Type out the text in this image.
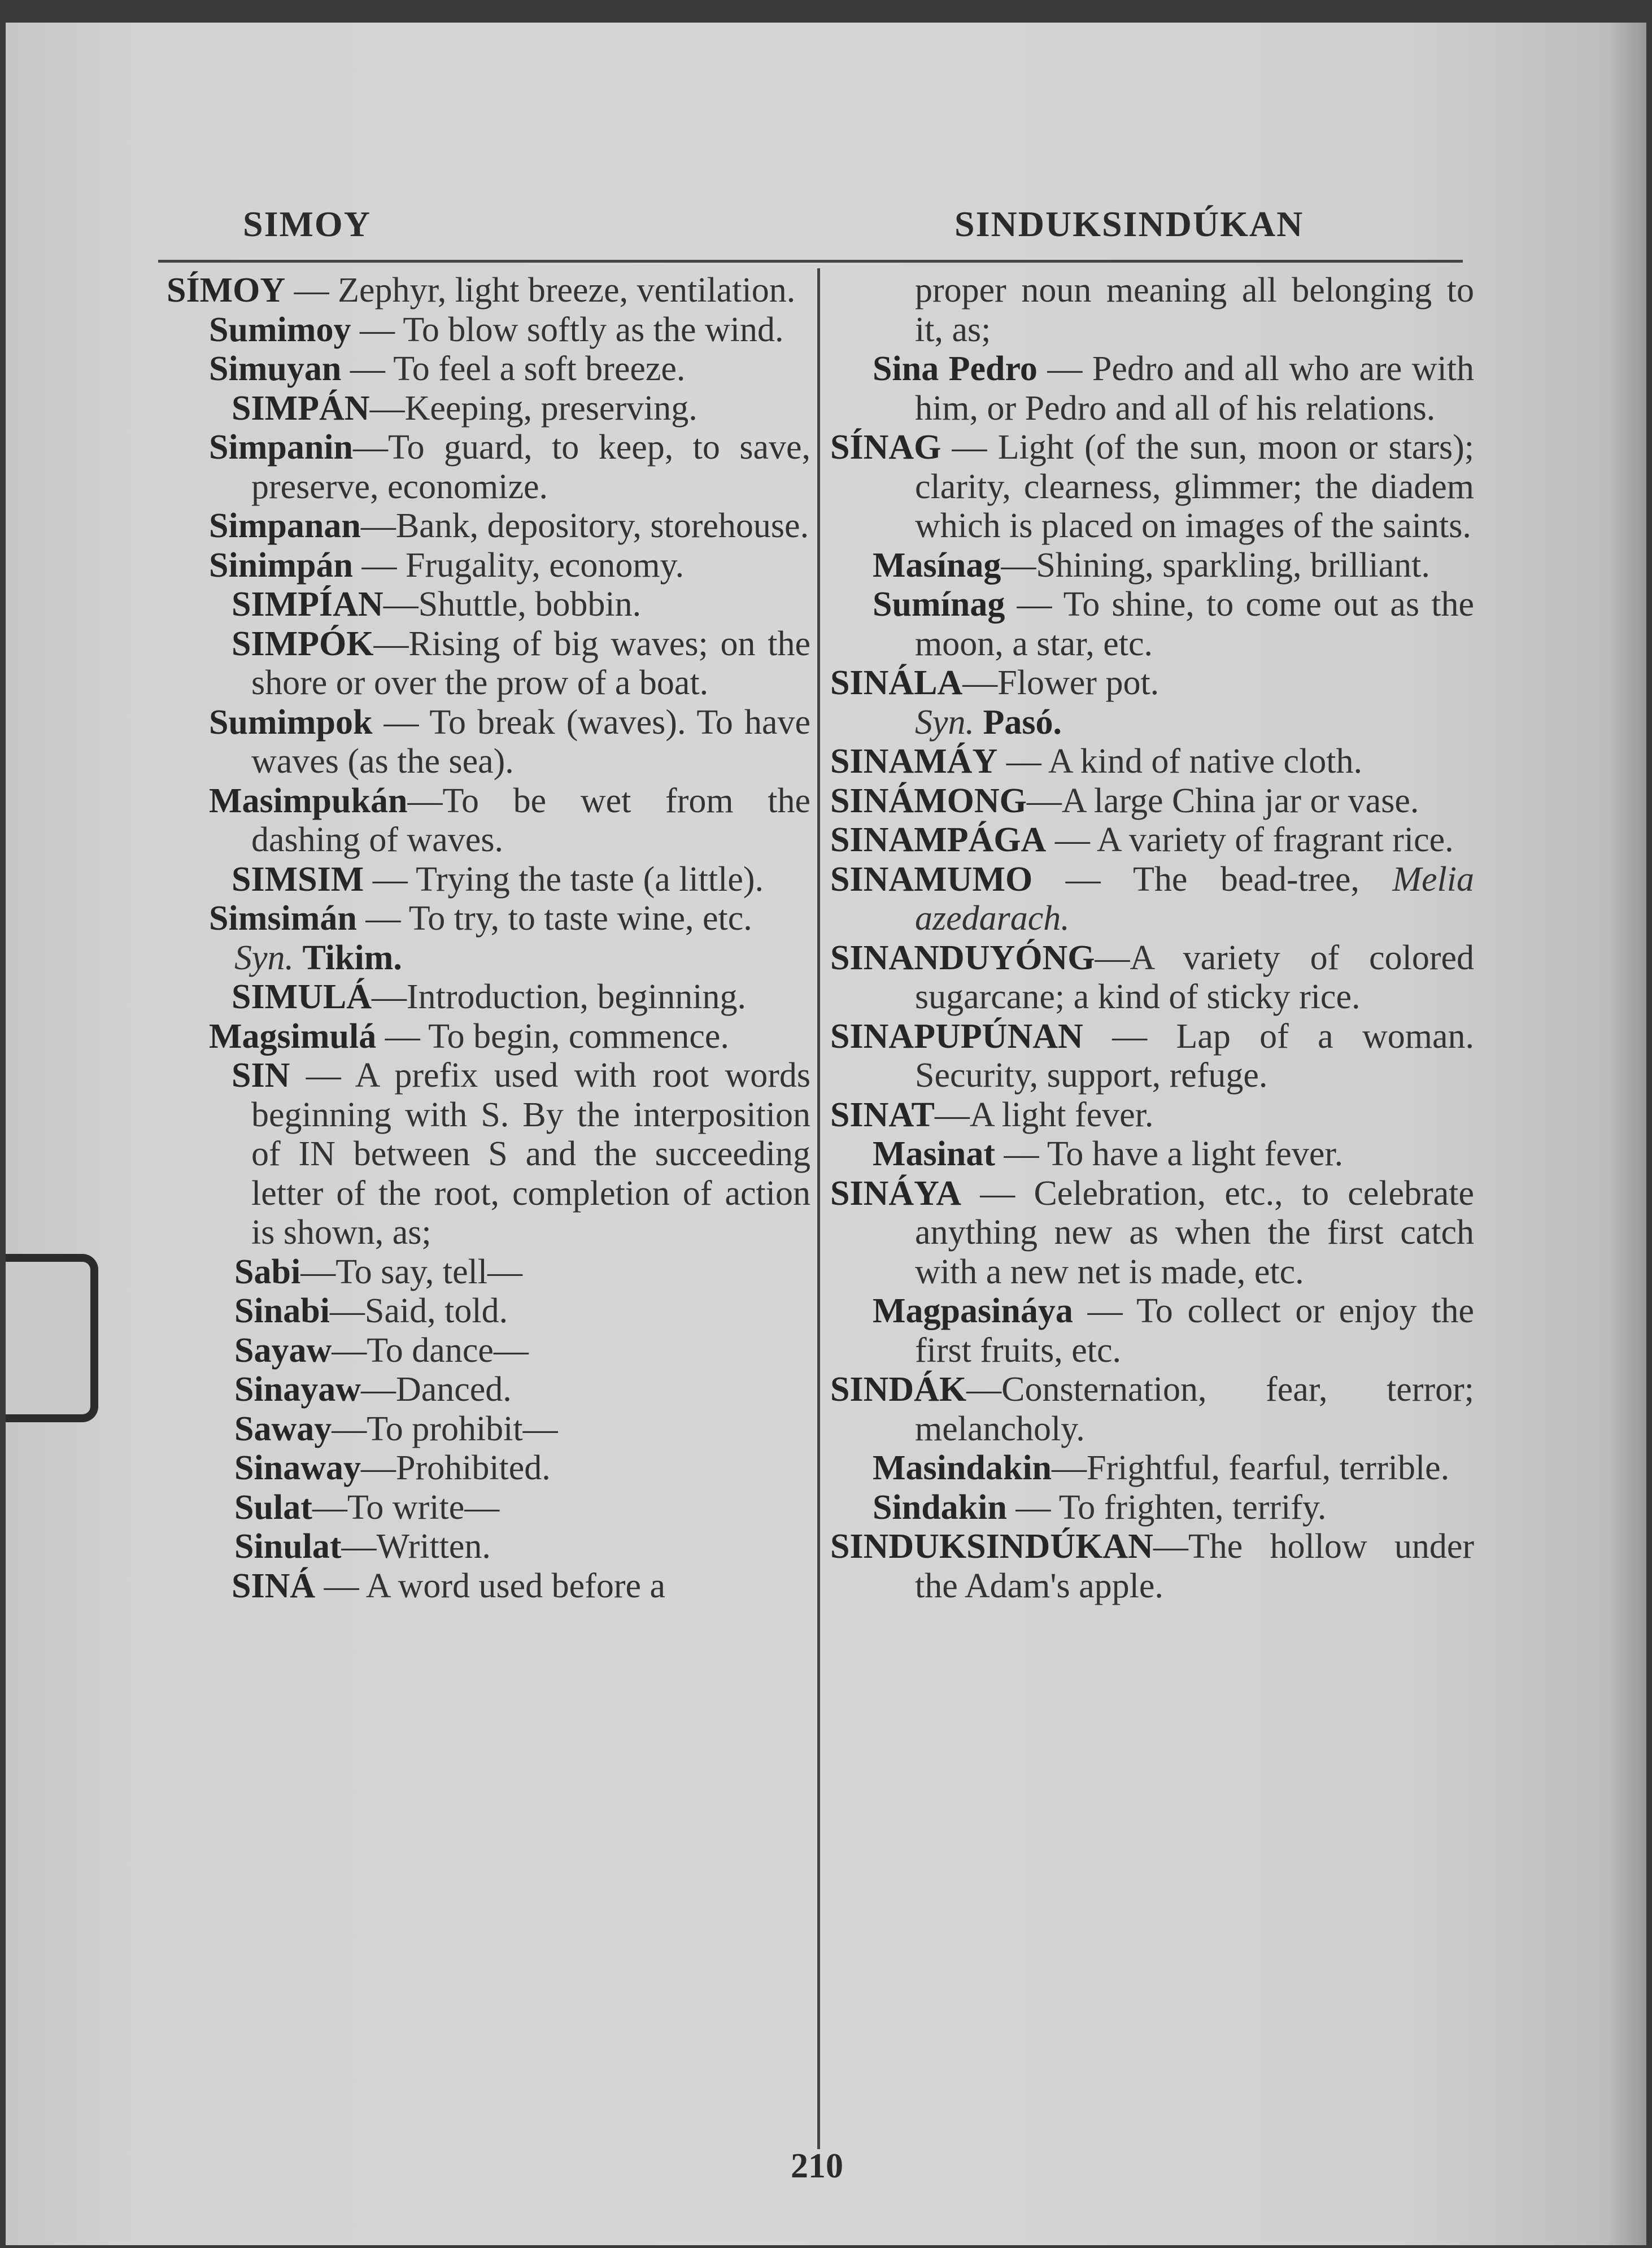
SIMOY	SINDUKSINDÚKAN

SÍMOY — Zephyr, light breeze, ventilation.

Sumimoy — To blow softly as the wind.

Simuyan — To feel a soft breeze.

SIMPÁN—Keeping, preserving.

Simpanin—To guard, to keep, to save, preserve, economize.

Simpanan—Bank, depository, storehouse.

Sinimpán — Frugality, economy.

SIMPÍAN—Shuttle, bobbin.

SIMPÓK—Rising of big waves; on the shore or over the prow of a boat.

Sumimpok — To break (waves). To have waves (as the sea).

Masimpukán—To be wet from the dashing of waves.

SIMSIM — Trying the taste (a little).

Simsimán — To try, to taste wine, etc.

Syn. Tikim.

SIMULÁ—Introduction, beginning.

Magsimulá — To begin, commence.

SIN — A prefix used with root words beginning with S. By the interposition of IN between S and the succeeding letter of the root, completion of action is shown, as;

Sabi—To say, tell—

Sinabi—Said, told.

Sayaw—To dance—

Sinayaw—Danced.

Saway—To prohibit—

Sinaway—Prohibited.

Sulat—To write—

Sinulat—Written.

SINÁ — A word used before a

proper noun meaning all belonging to it, as;

Sina Pedro — Pedro and all who are with him, or Pedro and all of his relations.

SÍNAG — Light (of the sun, moon or stars); clarity, clearness, glimmer; the diadem which is placed on images of the saints.

Masínag—Shining, sparkling, brilliant.

Sumínag — To shine, to come out as the moon, a star, etc.

SINÁLA—Flower pot.

Syn. Pasó.

SINAMÁY — A kind of native cloth.

SINÁMONG—A large China jar or vase.

SINAMPÁGA — A variety of fragrant rice.

SINAMUMO — The bead-tree, Melia azedarach.

SINANDUYÓNG—A variety of colored sugarcane; a kind of sticky rice.

SINAPUPÚNAN — Lap of a woman. Security, support, refuge.

SINAT—A light fever.

Masinat — To have a light fever.

SINÁYA — Celebration, etc., to celebrate anything new as when the first catch with a new net is made, etc.

Magpasináya — To collect or enjoy the first fruits, etc.

SINDÁK—Consternation, fear, terror; melancholy.

Masindakin—Frightful, fearful, terrible.

Sindakin — To frighten, terrify.

SINDUKSINDÚKAN—The hollow under the Adam's apple.

210
